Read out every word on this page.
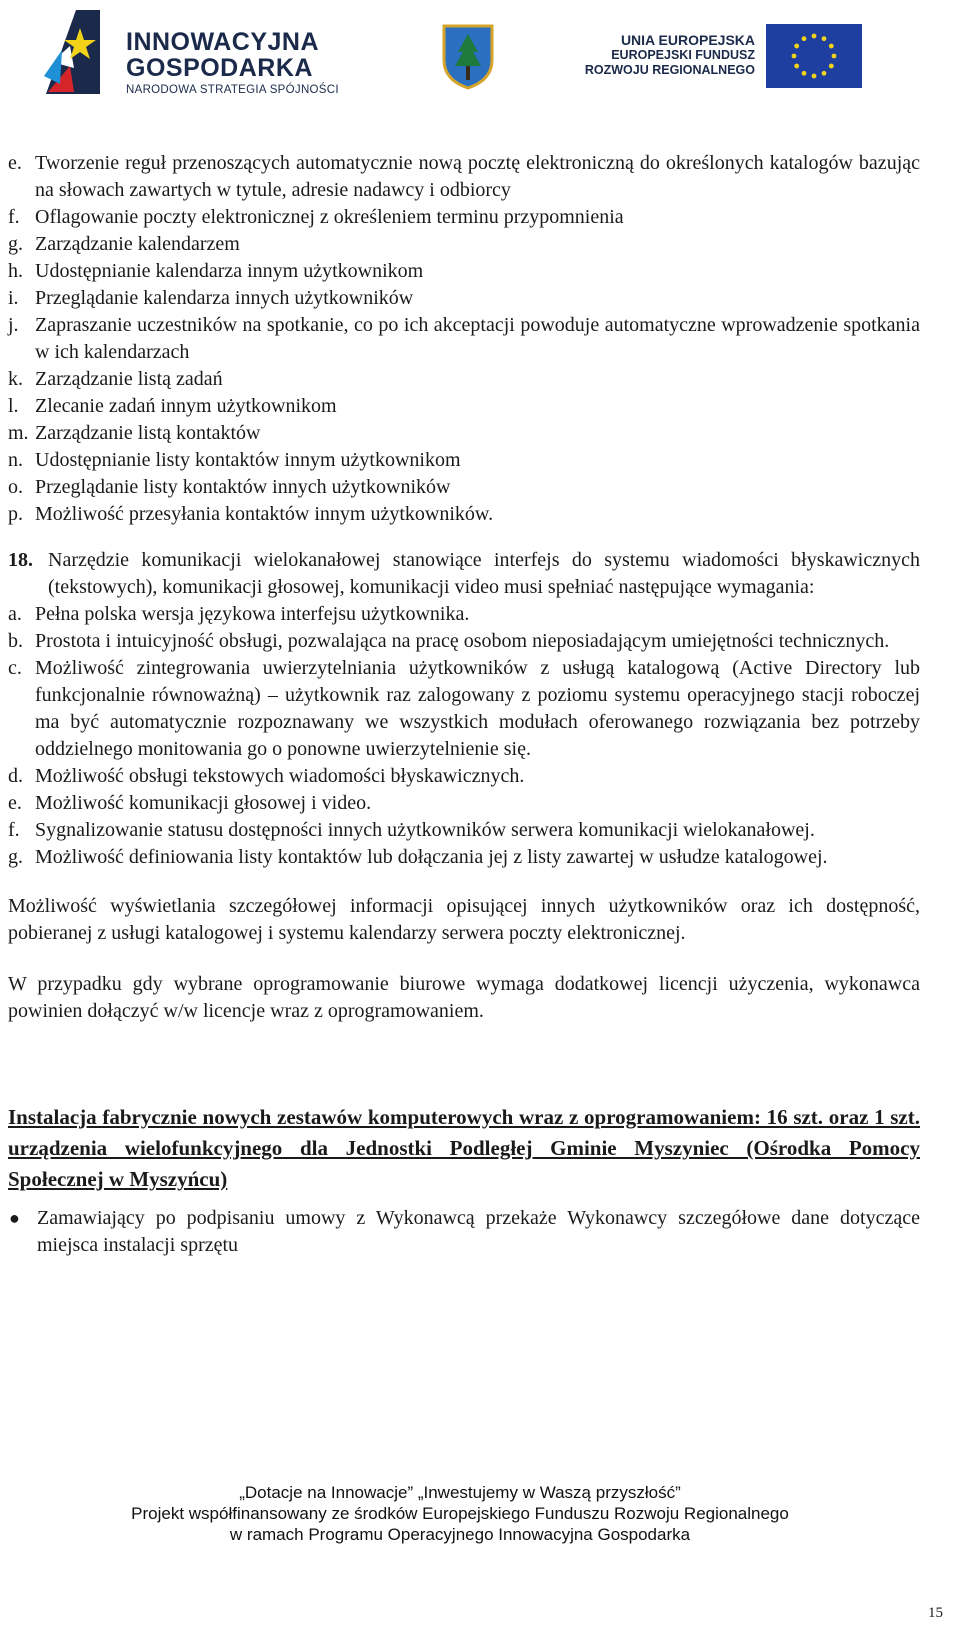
INNOWACYJNA
GOSPODARKA
NARODOWA STRATEGIA SPÓJNOŚCI
UNIA EUROPEJSKA
EUROPEJSKI FUNDUSZ
ROZWOJU REGIONALNEGO
e. Tworzenie reguł przenoszących automatycznie nową pocztę elektroniczną do określonych katalogów bazując na słowach zawartych w tytule, adresie nadawcy i odbiorcy
f. Oflagowanie poczty elektronicznej z określeniem terminu przypomnienia
g. Zarządzanie kalendarzem
h. Udostępnianie kalendarza innym użytkownikom
i. Przeglądanie kalendarza innych użytkowników
j. Zapraszanie uczestników na spotkanie, co po ich akceptacji powoduje automatyczne wprowadzenie spotkania w ich kalendarzach
k. Zarządzanie listą zadań
l. Zlecanie zadań innym użytkownikom
m. Zarządzanie listą kontaktów
n. Udostępnianie listy kontaktów innym użytkownikom
o. Przeglądanie listy kontaktów innych użytkowników
p. Możliwość przesyłania kontaktów innym użytkowników.
18. Narzędzie komunikacji wielokanałowej stanowiące interfejs do systemu wiadomości błyskawicznych (tekstowych), komunikacji głosowej, komunikacji video musi spełniać następujące wymagania:
a. Pełna polska wersja językowa interfejsu użytkownika.
b. Prostota i intuicyjność obsługi, pozwalająca na pracę osobom nieposiadającym umiejętności technicznych.
c. Możliwość zintegrowania uwierzytelniania użytkowników z usługą katalogową (Active Directory lub funkcjonalnie równoważną) – użytkownik raz zalogowany z poziomu systemu operacyjnego stacji roboczej ma być automatycznie rozpoznawany we wszystkich modułach oferowanego rozwiązania bez potrzeby oddzielnego monitowania go o ponowne uwierzytelnienie się.
d. Możliwość obsługi tekstowych wiadomości błyskawicznych.
e. Możliwość komunikacji głosowej i video.
f. Sygnalizowanie statusu dostępności innych użytkowników serwera komunikacji wielokanałowej.
g. Możliwość definiowania listy kontaktów lub dołączania jej z listy zawartej w usłudze katalogowej.

Możliwość wyświetlania szczegółowej informacji opisującej innych użytkowników oraz ich dostępność, pobieranej z usługi katalogowej i systemu kalendarzy serwera poczty elektronicznej.

W przypadku gdy wybrane oprogramowanie biurowe wymaga dodatkowej licencji użyczenia, wykonawca powinien dołączyć w/w licencje wraz z oprogramowaniem.

Instalacja fabrycznie nowych zestawów komputerowych wraz z oprogramowaniem: 16 szt. oraz 1 szt. urządzenia wielofunkcyjnego dla Jednostki Podległej Gminie Myszyniec (Ośrodka Pomocy Społecznej w Myszyńcu)

● Zamawiający po podpisaniu umowy z Wykonawcą przekaże Wykonawcy szczegółowe dane dotyczące miejsca instalacji sprzętu
„Dotacje na Innowacje” „Inwestujemy w Waszą przyszłość”
Projekt współfinansowany ze środków Europejskiego Funduszu Rozwoju Regionalnego
w ramach Programu Operacyjnego Innowacyjna Gospodarka
15
